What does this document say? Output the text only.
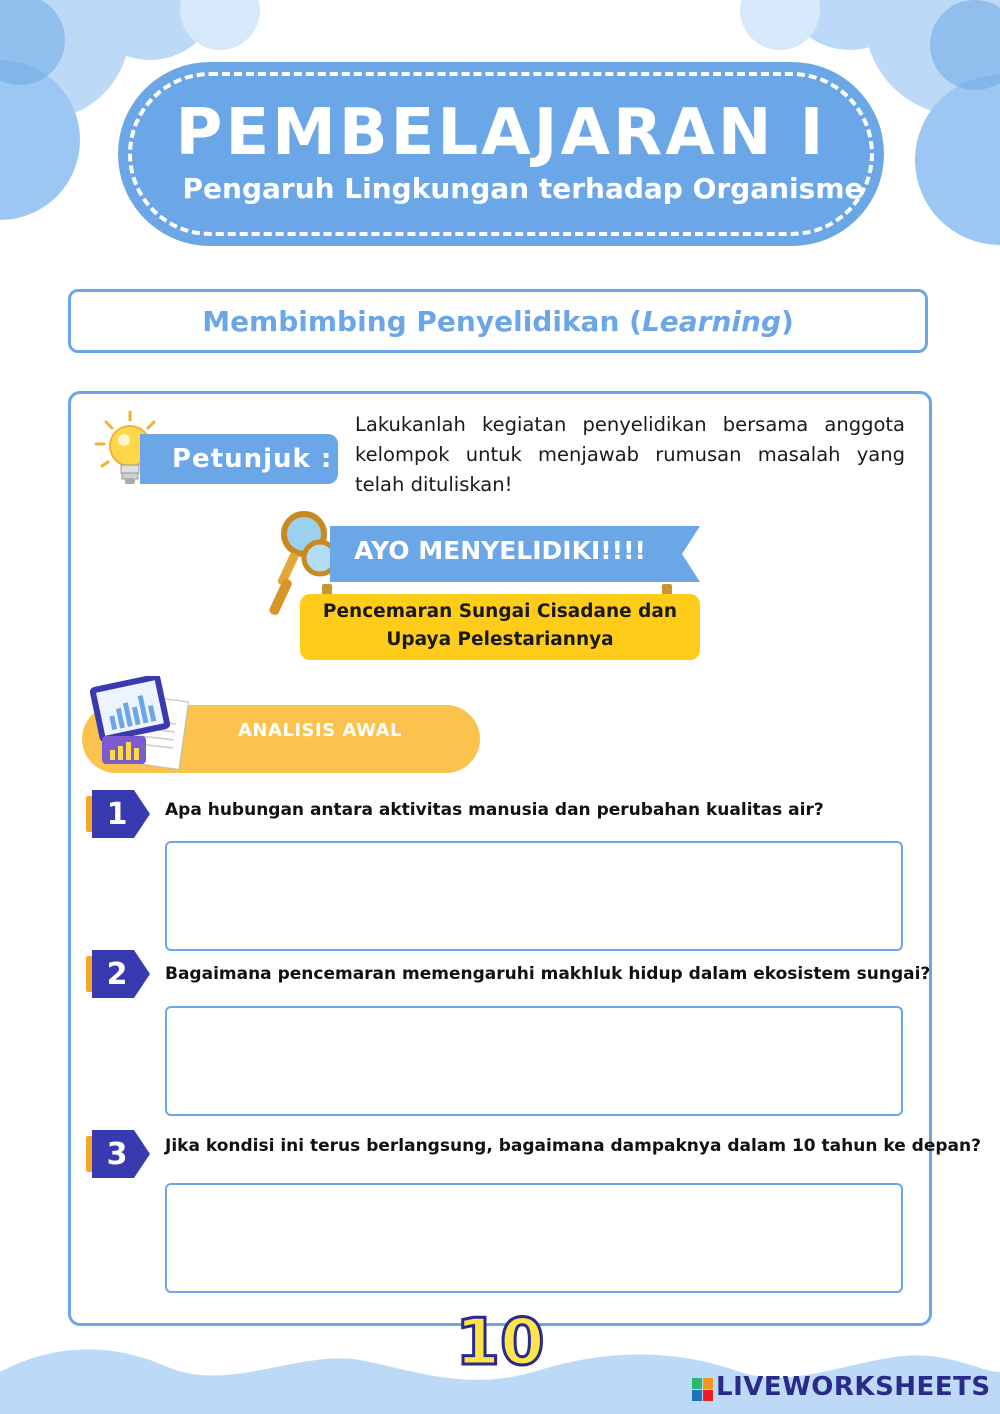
PEMBELAJARAN I
Pengaruh Lingkungan terhadap Organisme
Membimbing Penyelidikan ( Learning )
Petunjuk :
Lakukanlah kegiatan penyelidikan bersama anggota kelompok untuk menjawab rumusan masalah yang telah dituliskan!
AYO MENYELIDIKI!!!!
Pencemaran Sungai Cisadane dan
Upaya Pelestariannya
ANALISIS AWAL
1	Apa hubungan antara aktivitas manusia dan perubahan kualitas air?
2	Bagaimana pencemaran memengaruhi makhluk hidup dalam ekosistem sungai?
3	Jika kondisi ini terus berlangsung, bagaimana dampaknya dalam 10 tahun ke depan?
10
LIVEWORKSHEETS
